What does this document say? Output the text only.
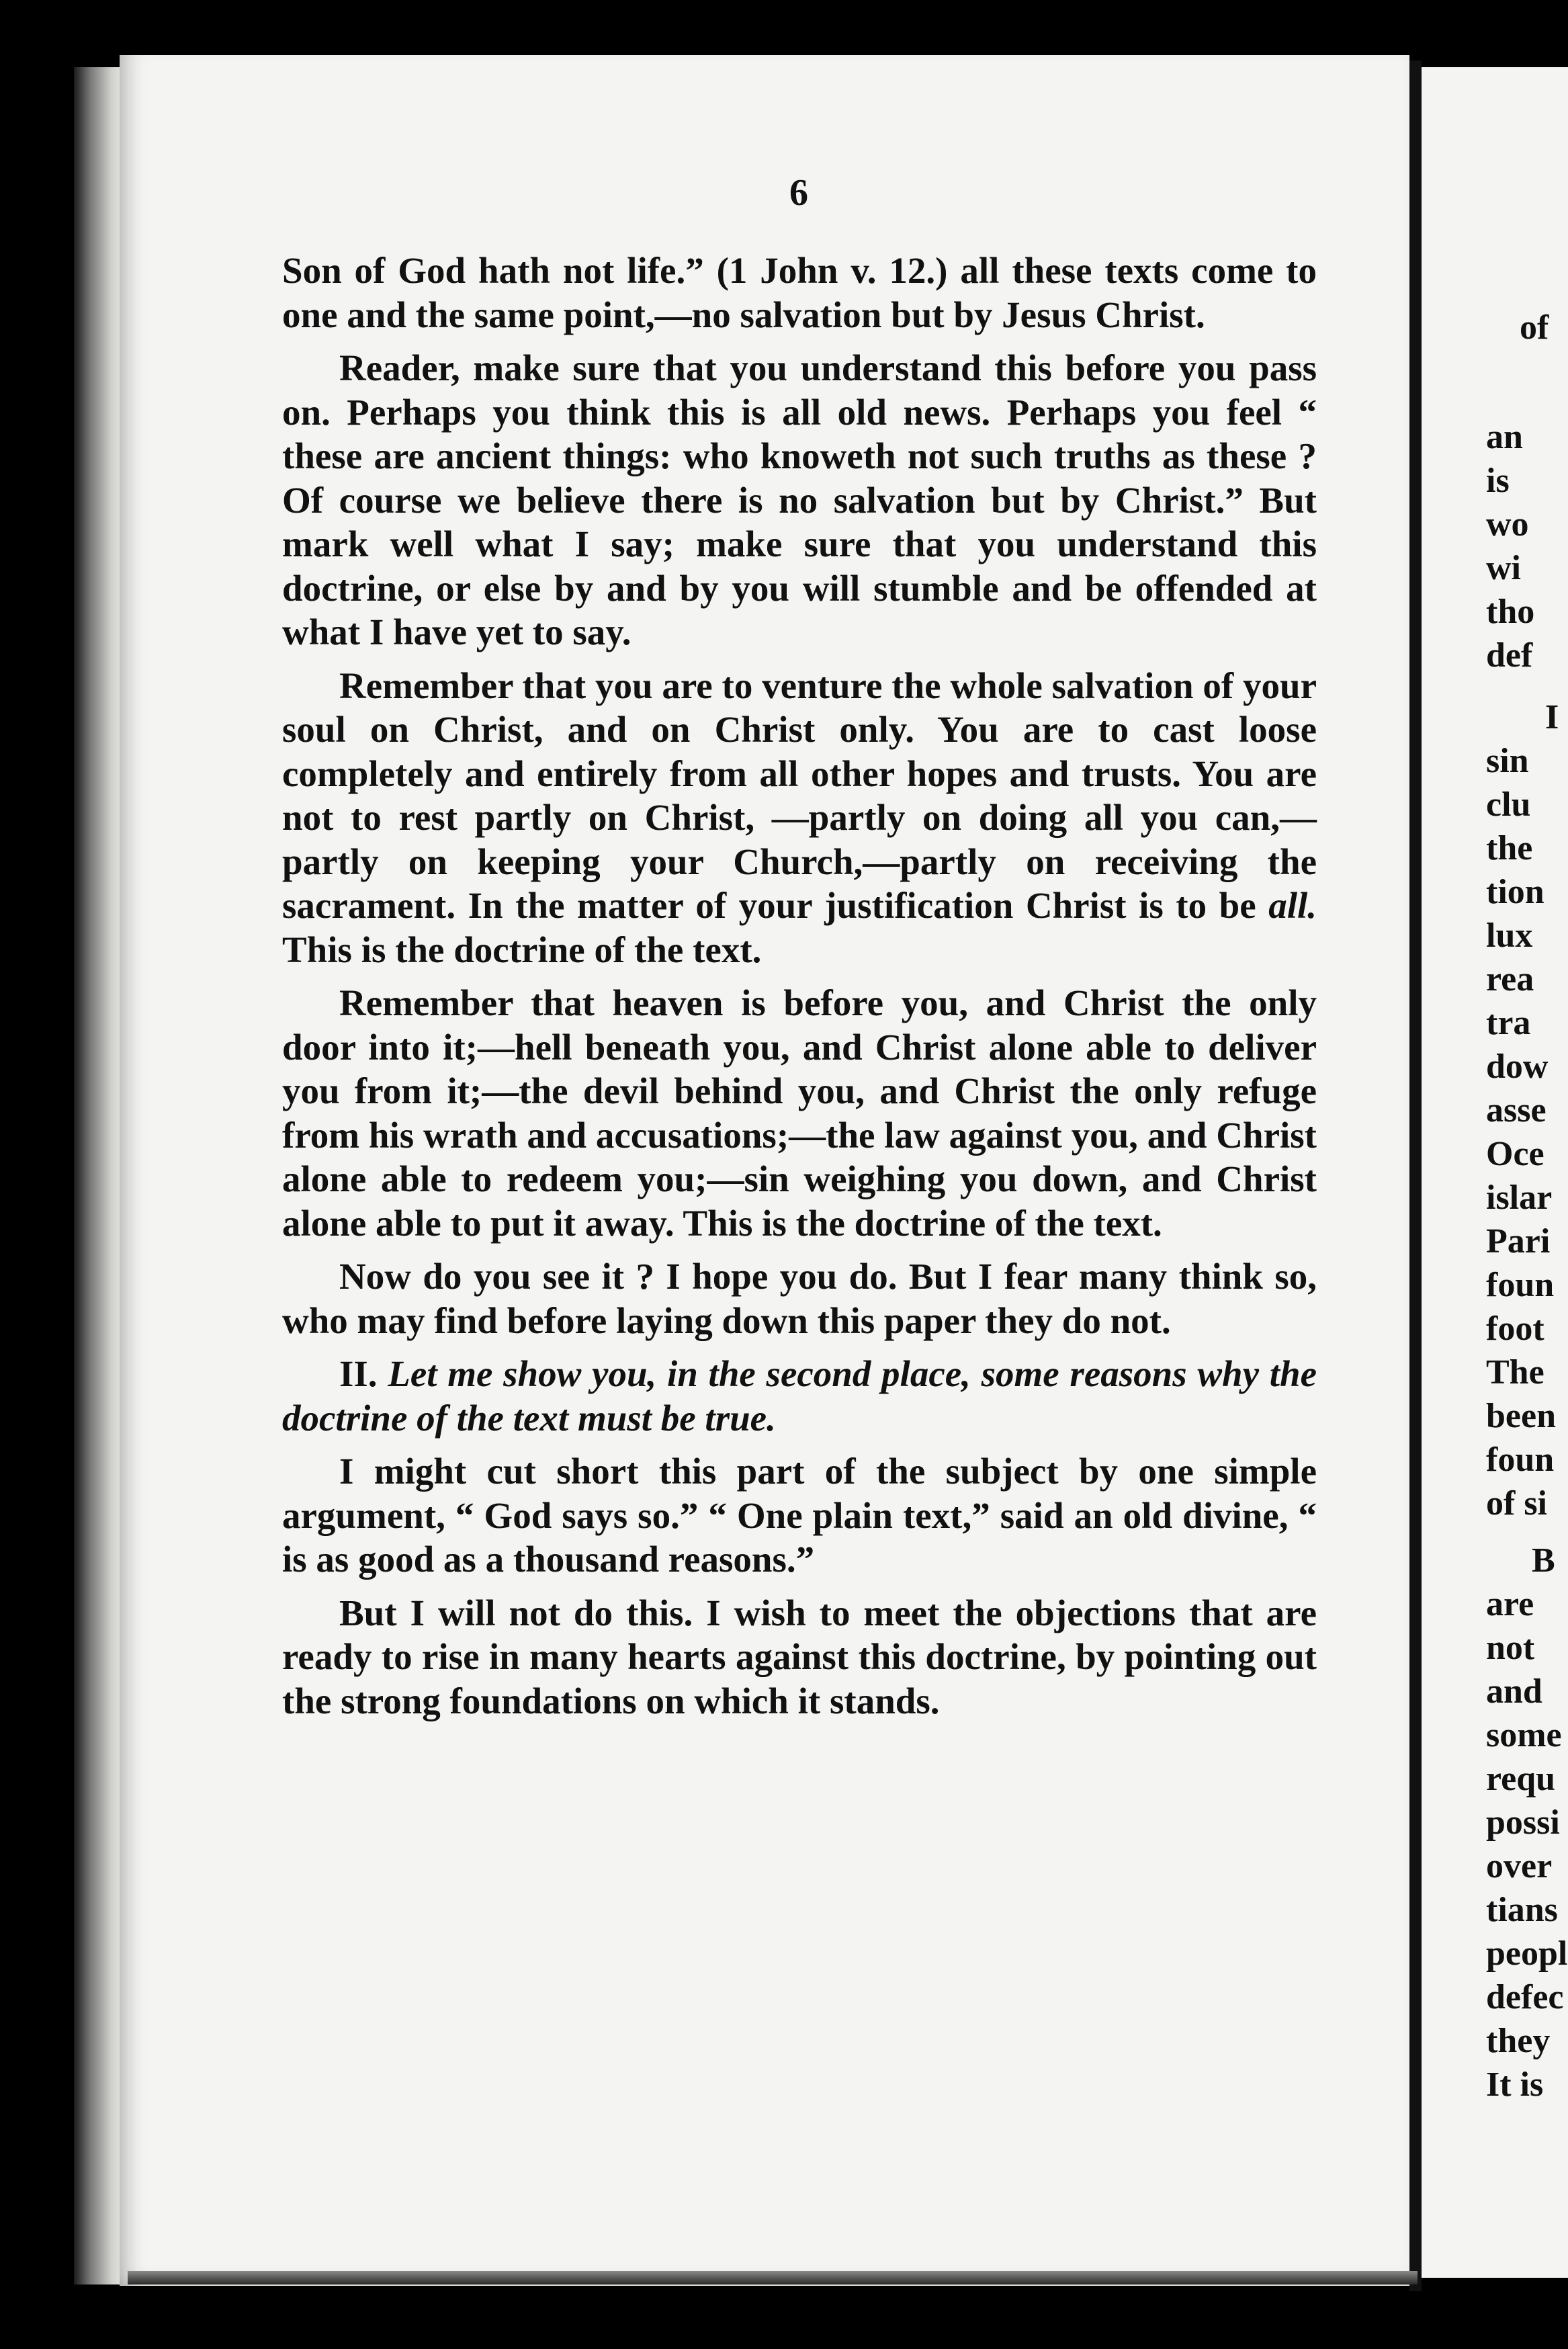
6

Son of God hath not life.” (1 John v. 12.) all these texts come to one and the same point,—no salvation but by Jesus Christ.

Reader, make sure that you understand this before you pass on. Perhaps you think this is all old news. Perhaps you feel “ these are ancient things: who knoweth not such truths as these ? Of course we believe there is no salvation but by Christ.” But mark well what I say; make sure that you understand this doctrine, or else by and by you will stumble and be offended at what I have yet to say.

Remember that you are to venture the whole salvation of your soul on Christ, and on Christ only. You are to cast loose completely and entirely from all other hopes and trusts. You are not to rest partly on Christ, —partly on doing all you can,—partly on keeping your Church,—partly on receiving the sacrament. In the matter of your justification Christ is to be all. This is the doctrine of the text.

Remember that heaven is before you, and Christ the only door into it;—hell beneath you, and Christ alone able to deliver you from it;—the devil behind you, and Christ the only refuge from his wrath and accusations;—the law against you, and Christ alone able to redeem you;—sin weighing you down, and Christ alone able to put it away. This is the doctrine of the text.

Now do you see it ? I hope you do. But I fear many think so, who may find before laying down this paper they do not.

II. Let me show you, in the second place, some reasons why the doctrine of the text must be true.

I might cut short this part of the subject by one simple argument, “ God says so.” “ One plain text,” said an old divine, “ is as good as a thousand reasons.”

But I will not do this. I wish to meet the objections that are ready to rise in many hearts against this doctrine, by pointing out the strong foundations on which it stands.

of
an
is
wo
wi
tho
def
I
sin
clu
the
tion
lux
rea
tra
dow
asse
Oce
islar
Pari
foun
foot
The
been
foun
of si
B
are
not
and
some
requ
possi
over
tians
peopl
defec
they
It is
